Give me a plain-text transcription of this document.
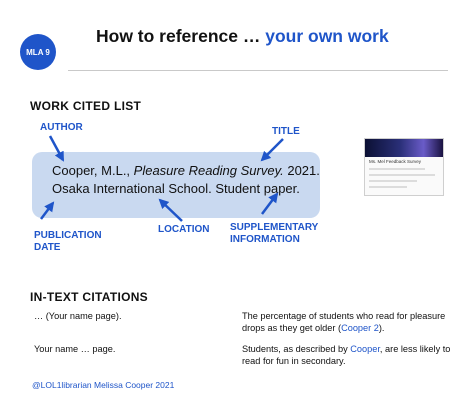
MLA 9
How to reference … your own work
WORK CITED LIST
AUTHOR	TITLE
Cooper, M.L., Pleasure Reading Survey. 2021. Osaka International School. Student paper.
Ms. Mel Feedback Survey
PUBLICATION
DATE
LOCATION SUPPLEMENTARY
INFORMATION
IN-TEXT CITATIONS
… (Your name page).	The percentage of students who read for pleasure drops as they get older (Cooper 2).
Your name … page.	Students, as described by Cooper, are less likely to read for fun in secondary.
@LOL1librarian Melissa Cooper 2021
